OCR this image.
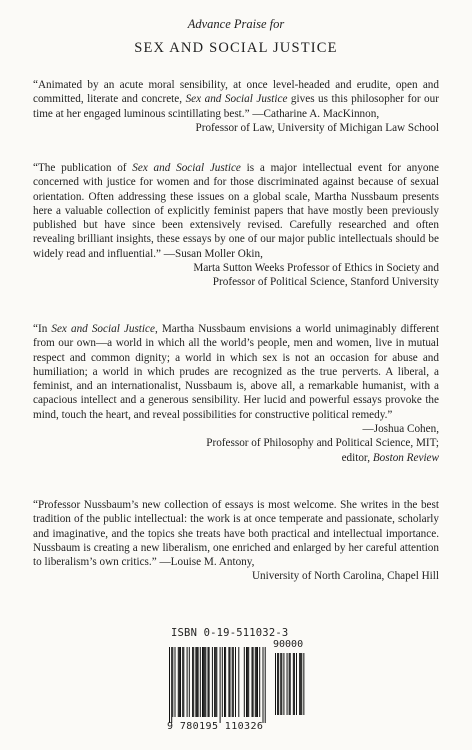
Advance Praise for
SEX AND SOCIAL JUSTICE

“Animated by an acute moral sensibility, at once level-headed and erudite, open and committed, literate and concrete, Sex and Social Justice gives us this philosopher for our time at her engaged luminous scintillating best.” —Catharine A. MacKinnon,

Professor of Law, University of Michigan Law School

“The publication of Sex and Social Justice is a major intellectual event for anyone concerned with justice for women and for those discriminated against because of sexual orientation. Often addressing these issues on a global scale, Martha Nussbaum presents here a valuable collection of explicitly feminist papers that have mostly been previously published but have since been extensively revised. Carefully researched and often revealing brilliant insights, these essays by one of our major public intellectuals should be widely read and influential.” —Susan Moller Okin,

Marta Sutton Weeks Professor of Ethics in Society and

Professor of Political Science, Stanford University

“In Sex and Social Justice, Martha Nussbaum envisions a world unimaginably different from our own—a world in which all the world’s people, men and women, live in mutual respect and common dignity; a world in which sex is not an occasion for abuse and humiliation; a world in which prudes are recognized as the true perverts. A liberal, a feminist, and an internationalist, Nussbaum is, above all, a remarkable humanist, with a capacious intellect and a generous sensibility. Her lucid and powerful essays provoke the mind, touch the heart, and reveal possibilities for constructive political remedy.”

—Joshua Cohen,

Professor of Philosophy and Political Science, MIT;

editor, Boston Review

“Professor Nussbaum’s new collection of essays is most welcome. She writes in the best tradition of the public intellectual: the work is at once temperate and passionate, scholarly and imaginative, and the topics she treats have both practical and intellectual importance. Nussbaum is creating a new liberalism, one enriched and enlarged by her careful attention to liberalism’s own critics.” —Louise M. Antony,

University of North Carolina, Chapel Hill

ISBN 0-19-511032-3
90000
9 780195 110326
